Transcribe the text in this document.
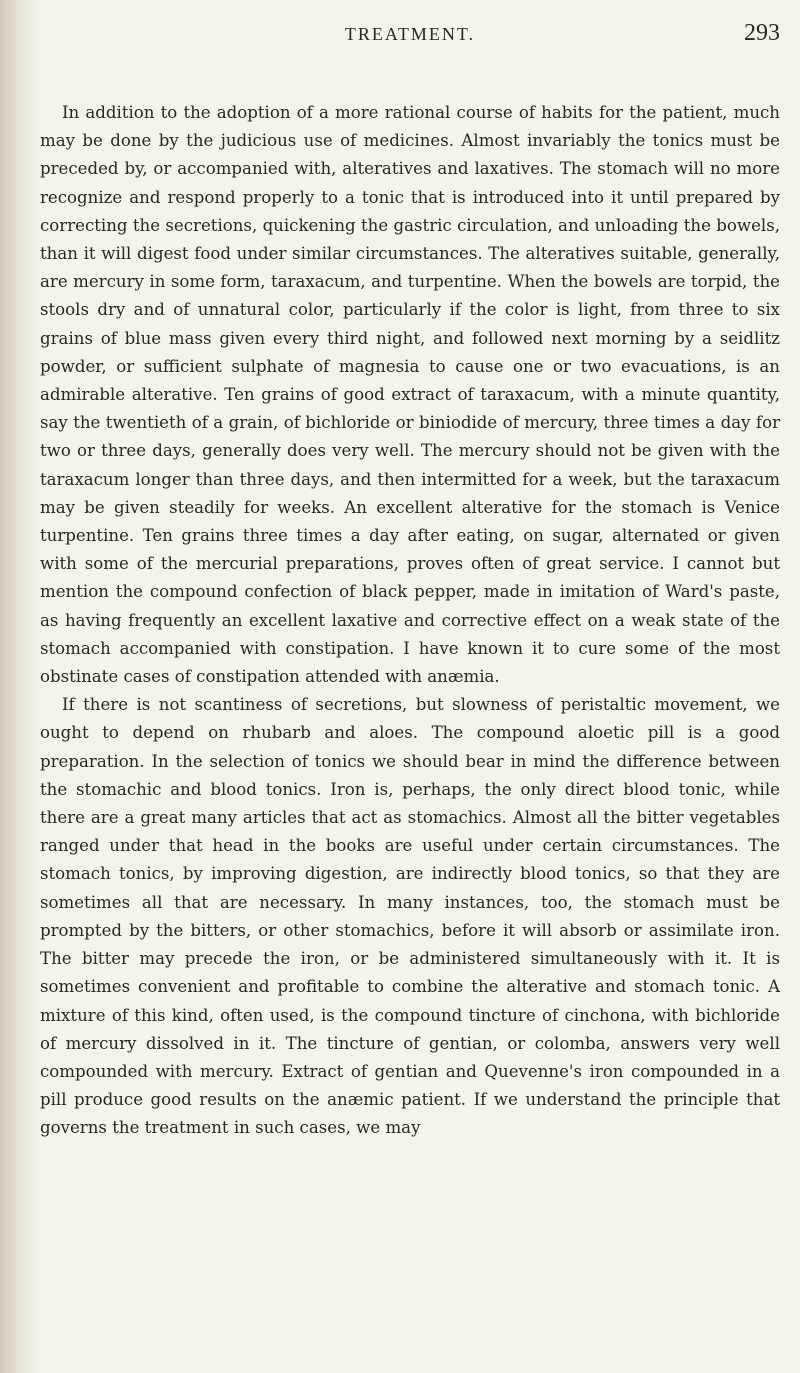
TREATMENT.	293

In addition to the adoption of a more rational course of habits for the patient, much may be done by the judicious use of medicines. Almost invariably the tonics must be preceded by, or accompanied with, alteratives and laxatives. The stomach will no more recognize and respond properly to a tonic that is introduced into it until prepared by correcting the secretions, quickening the gastric circulation, and unloading the bowels, than it will digest food under similar circumstances. The alteratives suitable, generally, are mercury in some form, taraxacum, and turpentine. When the bowels are torpid, the stools dry and of unnatural color, particularly if the color is light, from three to six grains of blue mass given every third night, and followed next morning by a seidlitz powder, or sufficient sulphate of magnesia to cause one or two evacuations, is an admirable alterative. Ten grains of good extract of taraxacum, with a minute quantity, say the twentieth of a grain, of bichloride or biniodide of mercury, three times a day for two or three days, generally does very well. The mercury should not be given with the taraxacum longer than three days, and then intermitted for a week, but the taraxacum may be given steadily for weeks. An excellent alterative for the stomach is Venice turpentine. Ten grains three times a day after eating, on sugar, alternated or given with some of the mercurial preparations, proves often of great service. I cannot but mention the compound confection of black pepper, made in imitation of Ward's paste, as having frequently an excellent laxative and corrective effect on a weak state of the stomach accompanied with constipation. I have known it to cure some of the most obstinate cases of constipation attended with anæmia.

If there is not scantiness of secretions, but slowness of peristaltic movement, we ought to depend on rhubarb and aloes. The compound aloetic pill is a good preparation. In the selection of tonics we should bear in mind the difference between the stomachic and blood tonics. Iron is, perhaps, the only direct blood tonic, while there are a great many articles that act as stomachics. Almost all the bitter vegetables ranged under that head in the books are useful under certain circumstances. The stomach tonics, by improving digestion, are indirectly blood tonics, so that they are sometimes all that are necessary. In many instances, too, the stomach must be prompted by the bitters, or other stomachics, before it will absorb or assimilate iron. The bitter may precede the iron, or be administered simultaneously with it. It is sometimes convenient and profitable to combine the alterative and stomach tonic. A mixture of this kind, often used, is the compound tincture of cinchona, with bichloride of mercury dissolved in it. The tincture of gentian, or colomba, answers very well compounded with mercury. Extract of gentian and Quevenne's iron compounded in a pill produce good results on the anæmic patient. If we understand the principle that governs the treatment in such cases, we may
